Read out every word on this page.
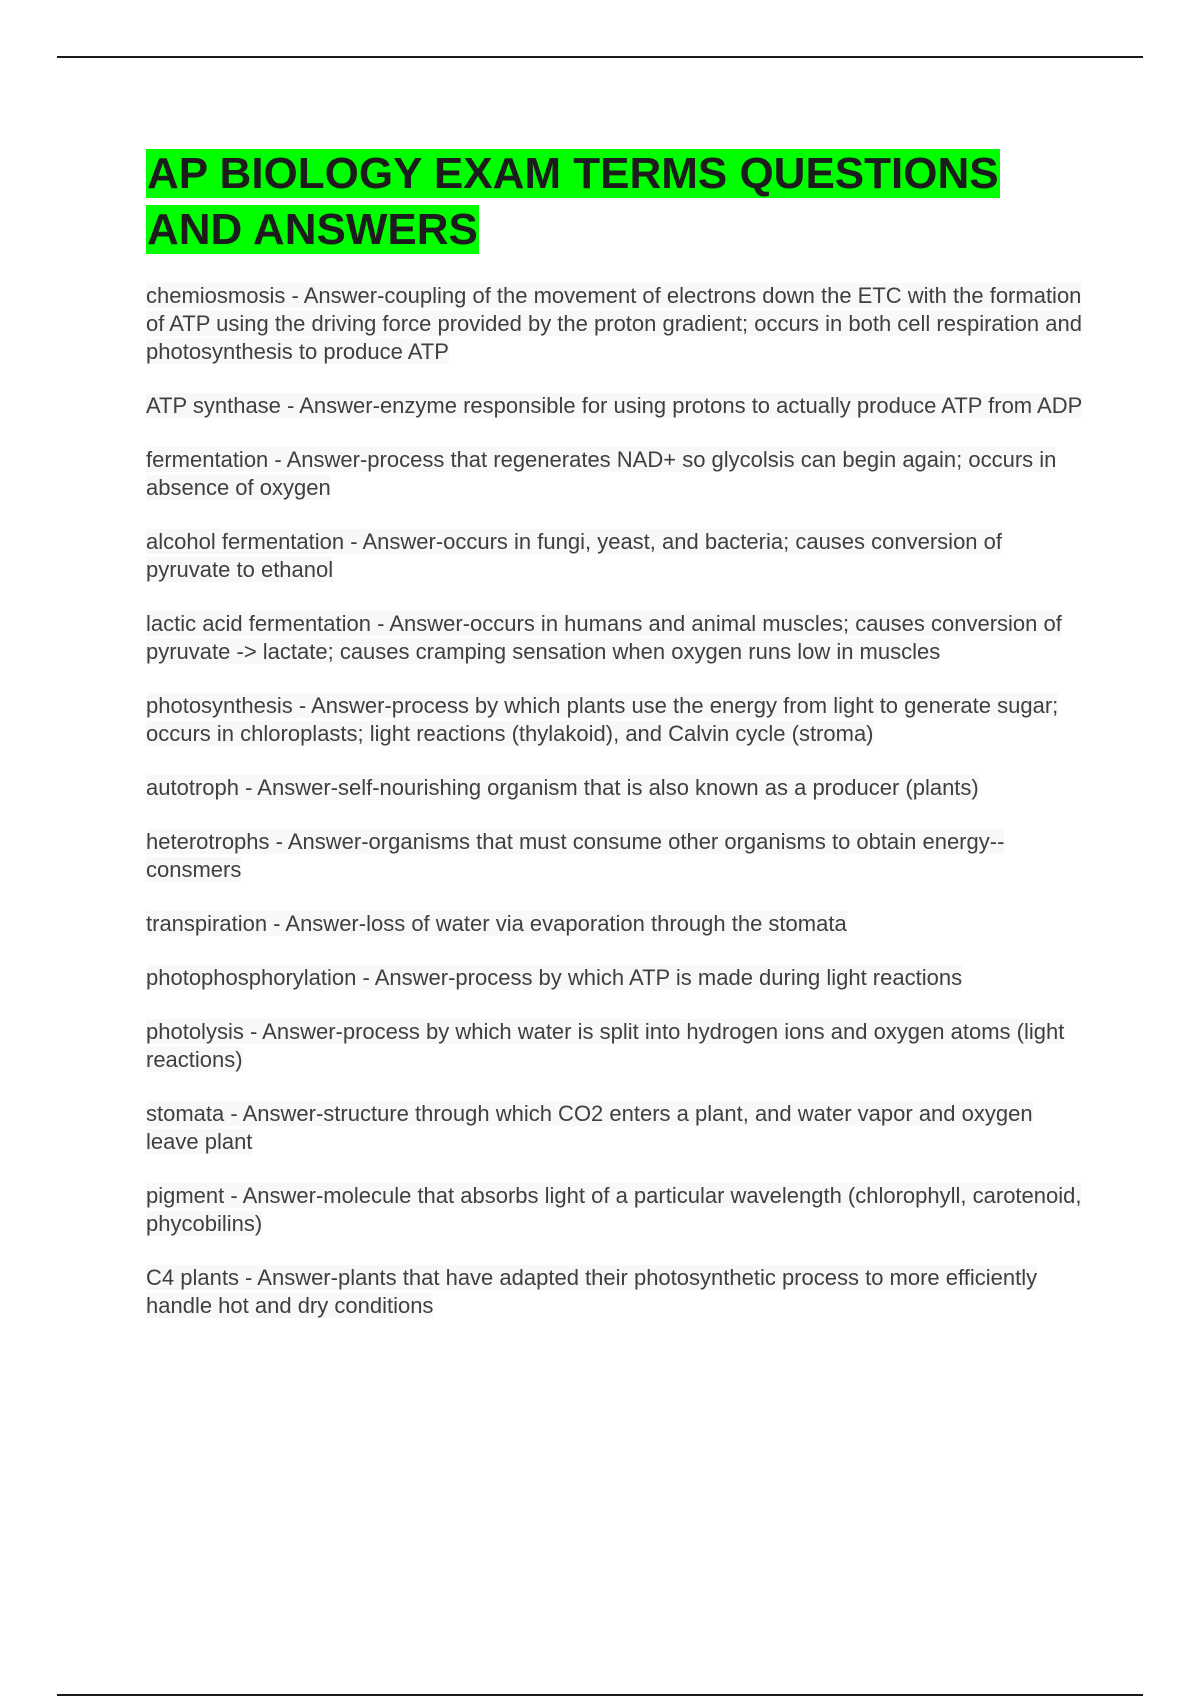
AP BIOLOGY EXAM TERMS QUESTIONS AND ANSWERS
chemiosmosis - Answer-coupling of the movement of electrons down the ETC with the formation of ATP using the driving force provided by the proton gradient; occurs in both cell respiration and photosynthesis to produce ATP
ATP synthase - Answer-enzyme responsible for using protons to actually produce ATP from ADP
fermentation - Answer-process that regenerates NAD+ so glycolsis can begin again; occurs in absence of oxygen
alcohol fermentation - Answer-occurs in fungi, yeast, and bacteria; causes conversion of pyruvate to ethanol
lactic acid fermentation - Answer-occurs in humans and animal muscles; causes conversion of pyruvate -> lactate; causes cramping sensation when oxygen runs low in muscles
photosynthesis - Answer-process by which plants use the energy from light to generate sugar; occurs in chloroplasts; light reactions (thylakoid), and Calvin cycle (stroma)
autotroph - Answer-self-nourishing organism that is also known as a producer (plants)
heterotrophs - Answer-organisms that must consume other organisms to obtain energy--consmers
transpiration - Answer-loss of water via evaporation through the stomata
photophosphorylation - Answer-process by which ATP is made during light reactions
photolysis - Answer-process by which water is split into hydrogen ions and oxygen atoms (light reactions)
stomata - Answer-structure through which CO2 enters a plant, and water vapor and oxygen leave plant
pigment - Answer-molecule that absorbs light of a particular wavelength (chlorophyll, carotenoid, phycobilins)
C4 plants - Answer-plants that have adapted their photosynthetic process to more efficiently handle hot and dry conditions
